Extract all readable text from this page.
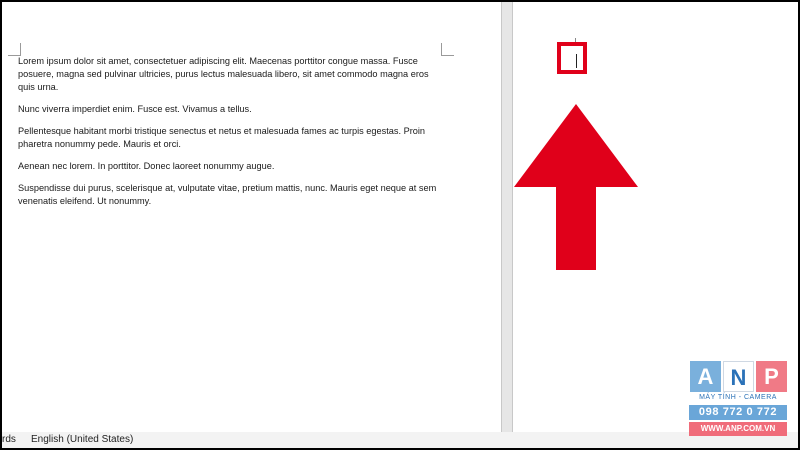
Lorem ipsum dolor sit amet, consectetuer adipiscing elit. Maecenas porttitor congue massa. Fusce posuere, magna sed pulvinar ultricies, purus lectus malesuada libero, sit amet commodo magna eros quis urna.

Nunc viverra imperdiet enim. Fusce est. Vivamus a tellus.

Pellentesque habitant morbi tristique senectus et netus et malesuada fames ac turpis egestas. Proin pharetra nonummy pede. Mauris et orci.

Aenean nec lorem. In porttitor. Donec laoreet nonummy augue.

Suspendisse dui purus, scelerisque at, vulputate vitae, pretium mattis, nunc. Mauris eget neque at sem venenatis eleifend. Ut nonummy.

rds English (United States)
A N P
MÁY TÍNH - CAMERA
098 772 0 772
WWW.ANP.COM.VN
